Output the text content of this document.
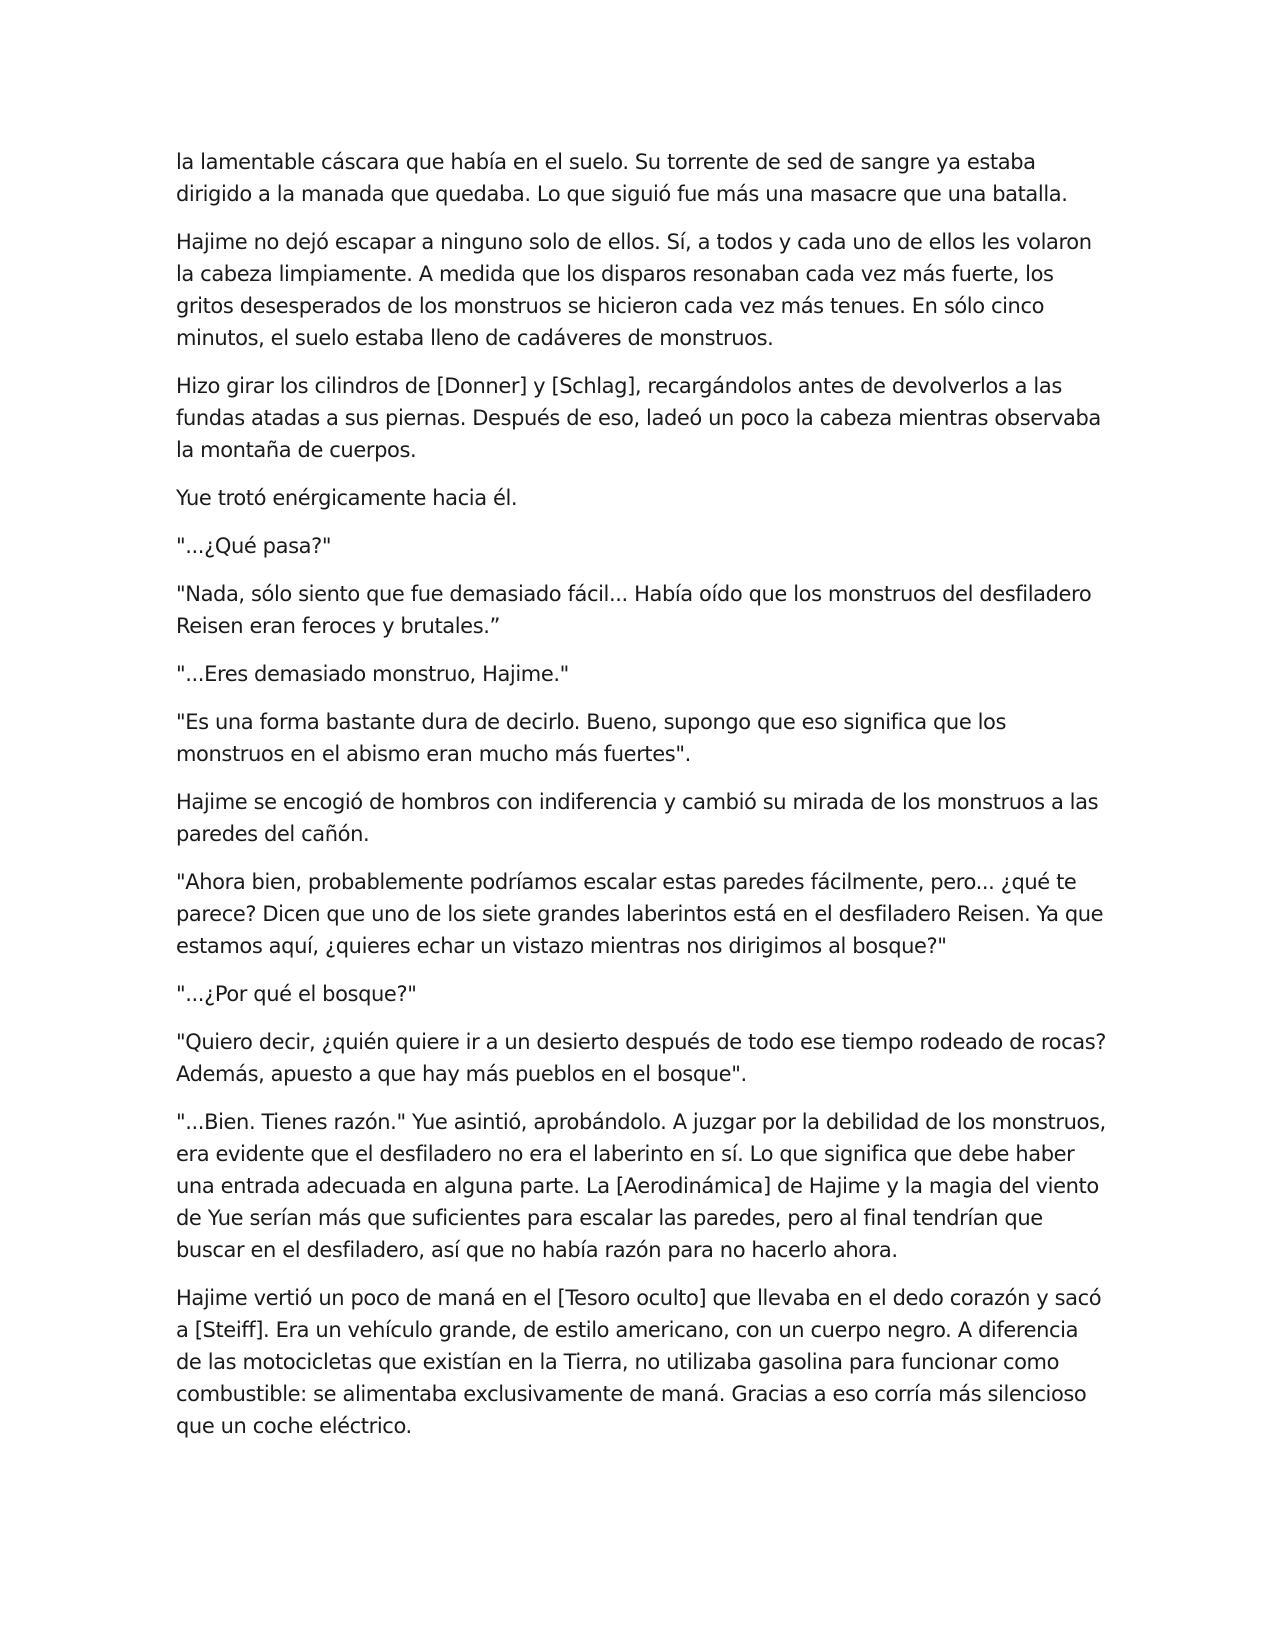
la lamentable cáscara que había en el suelo. Su torrente de sed de sangre ya estaba dirigido a la manada que quedaba. Lo que siguió fue más una masacre que una batalla.

Hajime no dejó escapar a ninguno solo de ellos. Sí, a todos y cada uno de ellos les volaron la cabeza limpiamente. A medida que los disparos resonaban cada vez más fuerte, los gritos desesperados de los monstruos se hicieron cada vez más tenues. En sólo cinco minutos, el suelo estaba lleno de cadáveres de monstruos.

Hizo girar los cilindros de [Donner] y [Schlag], recargándolos antes de devolverlos a las fundas atadas a sus piernas. Después de eso, ladeó un poco la cabeza mientras observaba la montaña de cuerpos.

Yue trotó enérgicamente hacia él.

"...¿Qué pasa?"

"Nada, sólo siento que fue demasiado fácil... Había oído que los monstruos del desfiladero Reisen eran feroces y brutales.”

"...Eres demasiado monstruo, Hajime."

"Es una forma bastante dura de decirlo. Bueno, supongo que eso significa que los monstruos en el abismo eran mucho más fuertes".

Hajime se encogió de hombros con indiferencia y cambió su mirada de los monstruos a las paredes del cañón.

"Ahora bien, probablemente podríamos escalar estas paredes fácilmente, pero... ¿qué te parece? Dicen que uno de los siete grandes laberintos está en el desfiladero Reisen. Ya que estamos aquí, ¿quieres echar un vistazo mientras nos dirigimos al bosque?"

"...¿Por qué el bosque?"

"Quiero decir, ¿quién quiere ir a un desierto después de todo ese tiempo rodeado de rocas? Además, apuesto a que hay más pueblos en el bosque".

"...Bien. Tienes razón." Yue asintió, aprobándolo. A juzgar por la debilidad de los monstruos, era evidente que el desfiladero no era el laberinto en sí. Lo que significa que debe haber una entrada adecuada en alguna parte. La [Aerodinámica] de Hajime y la magia del viento de Yue serían más que suficientes para escalar las paredes, pero al final tendrían que buscar en el desfiladero, así que no había razón para no hacerlo ahora.

Hajime vertió un poco de maná en el [Tesoro oculto] que llevaba en el dedo corazón y sacó a [Steiff]. Era un vehículo grande, de estilo americano, con un cuerpo negro. A diferencia de las motocicletas que existían en la Tierra, no utilizaba gasolina para funcionar como combustible: se alimentaba exclusivamente de maná. Gracias a eso corría más silencioso que un coche eléctrico.
